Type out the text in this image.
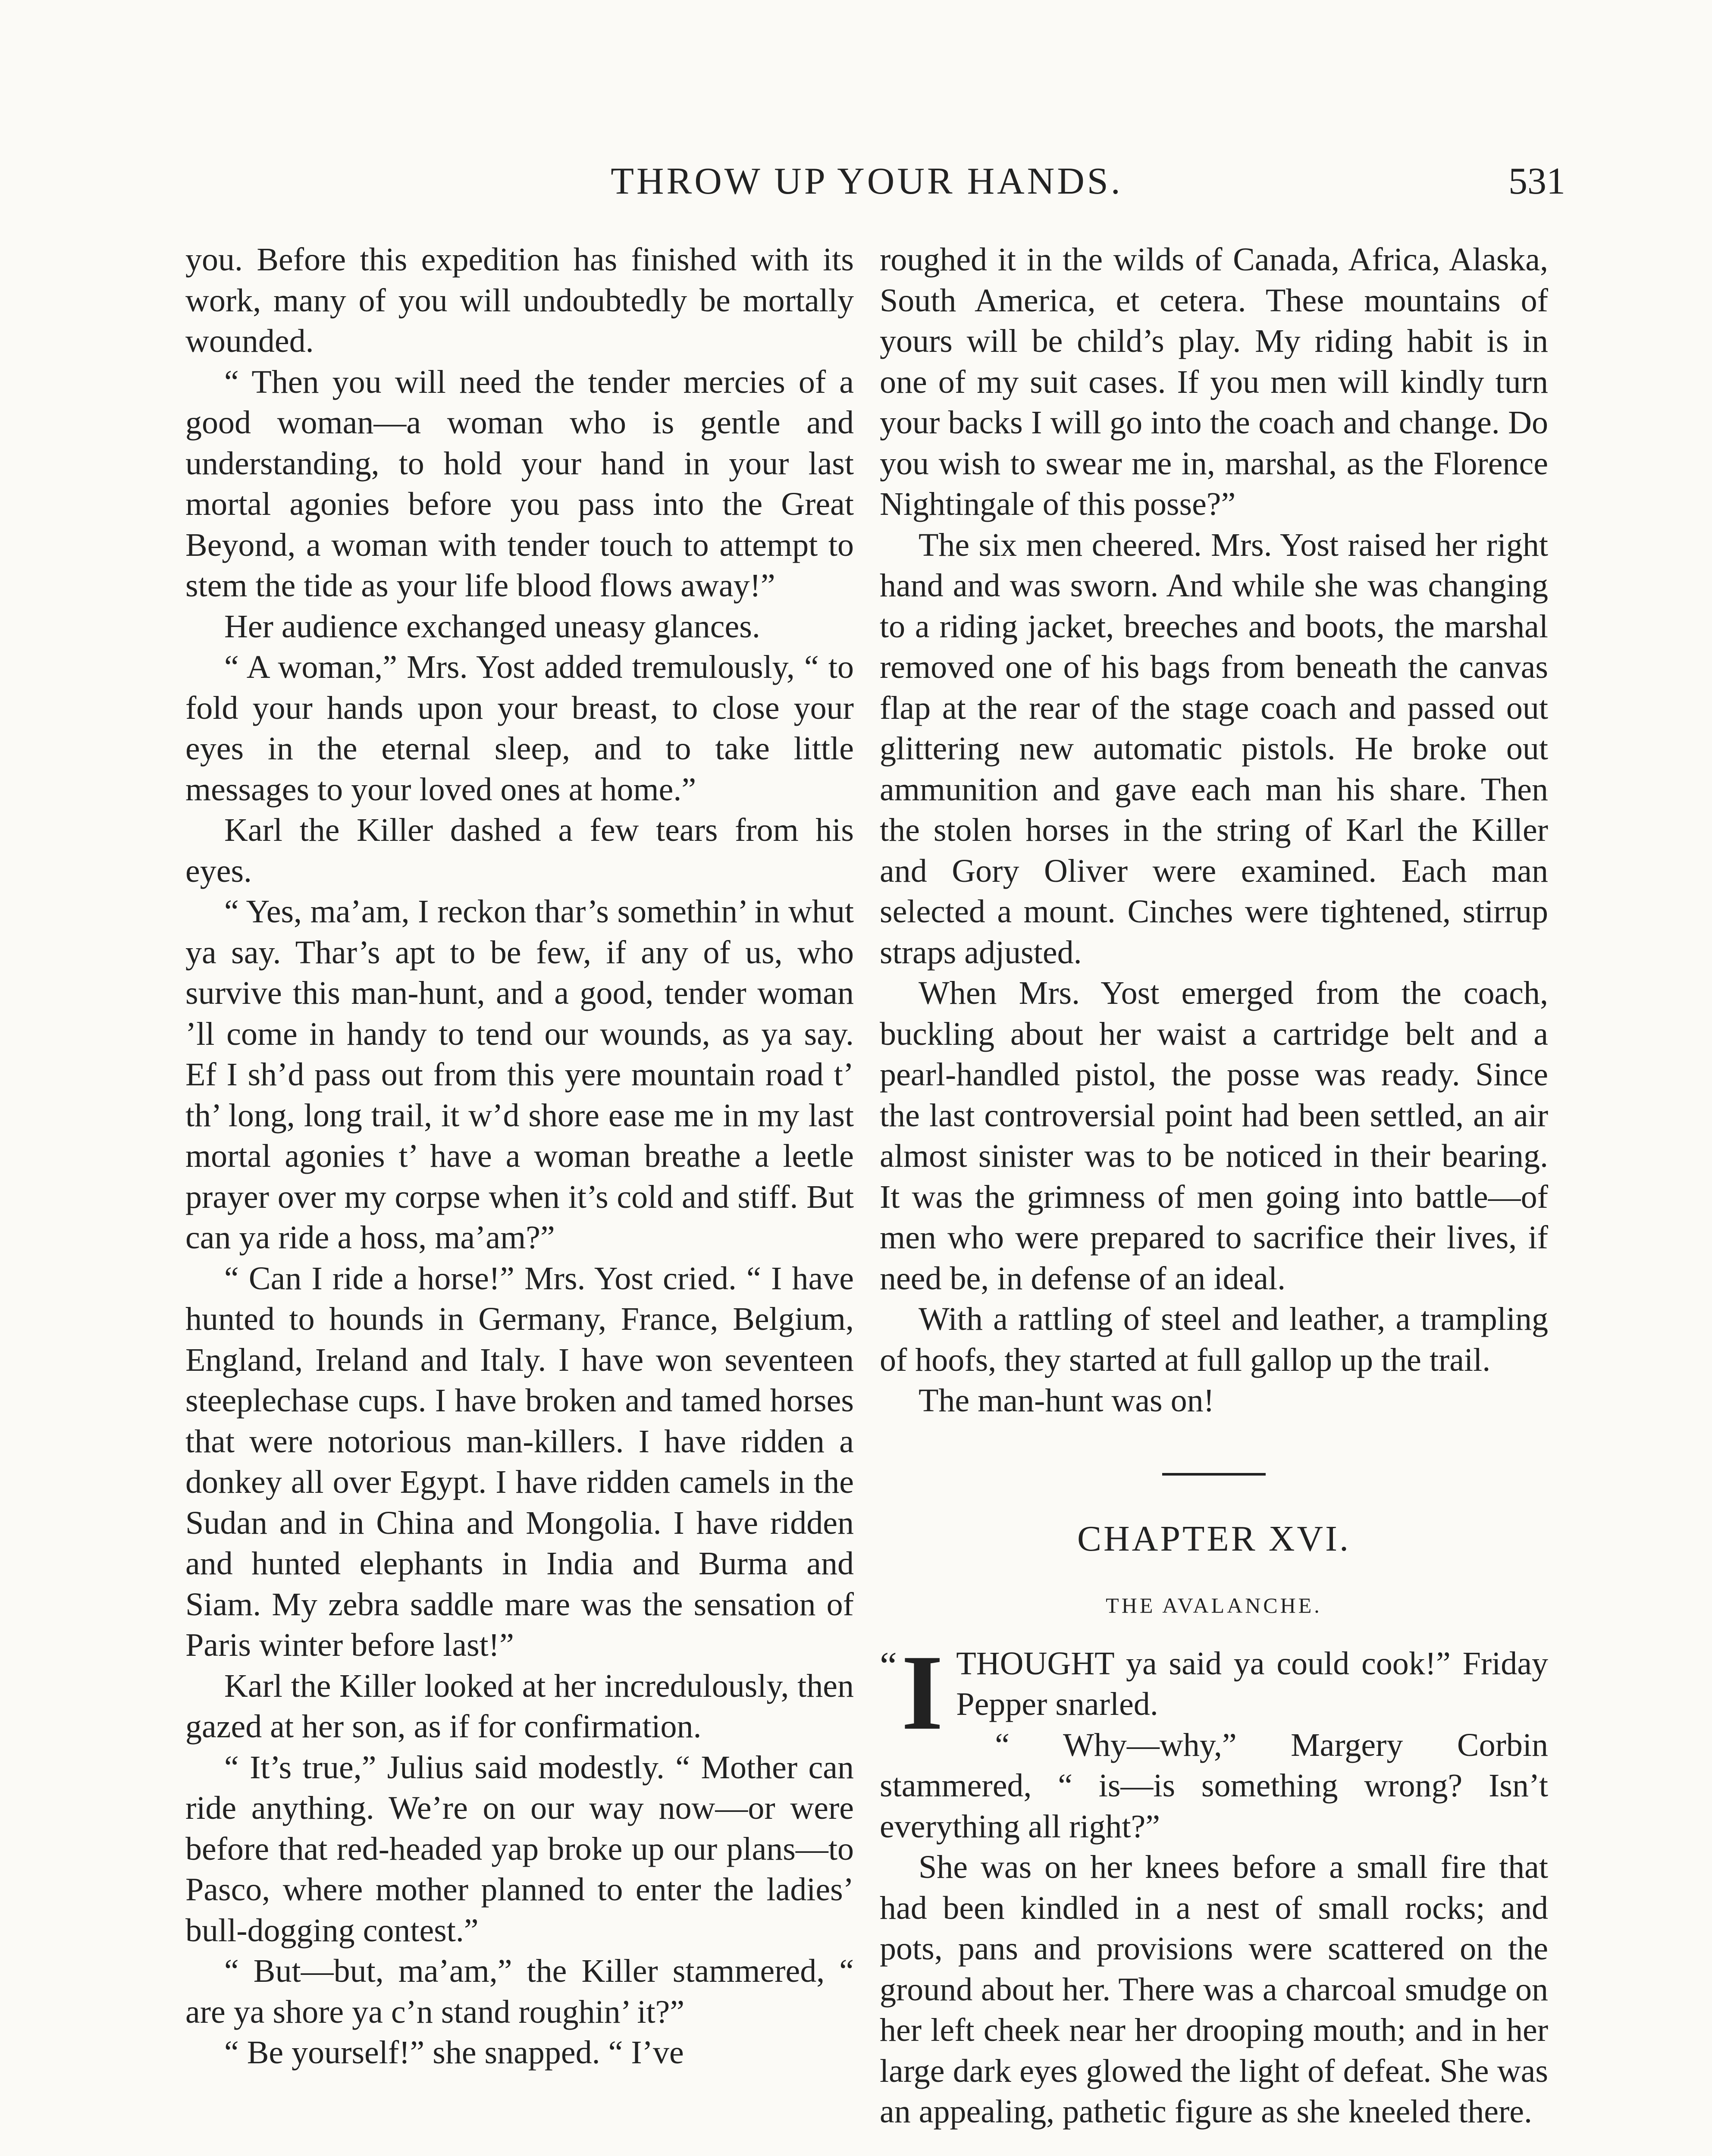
THROW UP YOUR HANDS.	531

you. Before this expedition has finished with its work, many of you will undoubtedly be mortally wounded.

“ Then you will need the tender mercies of a good woman—a woman who is gentle and understanding, to hold your hand in your last mortal agonies before you pass into the Great Beyond, a woman with tender touch to attempt to stem the tide as your life blood flows away!”

Her audience exchanged uneasy glances.

“ A woman,” Mrs. Yost added tremulously, “ to fold your hands upon your breast, to close your eyes in the eternal sleep, and to take little messages to your loved ones at home.”

Karl the Killer dashed a few tears from his eyes.

“ Yes, ma’am, I reckon thar’s somethin’ in whut ya say. Thar’s apt to be few, if any of us, who survive this man-hunt, and a good, tender woman ’ll come in handy to tend our wounds, as ya say. Ef I sh’d pass out from this yere mountain road t’ th’ long, long trail, it w’d shore ease me in my last mortal agonies t’ have a woman breathe a leetle prayer over my corpse when it’s cold and stiff. But can ya ride a hoss, ma’am?”

“ Can I ride a horse!” Mrs. Yost cried. “ I have hunted to hounds in Germany, France, Belgium, England, Ireland and Italy. I have won seventeen steeplechase cups. I have broken and tamed horses that were notorious man-killers. I have ridden a donkey all over Egypt. I have ridden camels in the Sudan and in China and Mongolia. I have ridden and hunted elephants in India and Burma and Siam. My zebra saddle mare was the sensation of Paris winter before last!”

Karl the Killer looked at her incredulously, then gazed at her son, as if for confirmation.

“ It’s true,” Julius said modestly. “ Mother can ride anything. We’re on our way now—or were before that red-headed yap broke up our plans—to Pasco, where mother planned to enter the ladies’ bull-dogging contest.”

“ But—but, ma’am,” the Killer stammered, “ are ya shore ya c’n stand roughin’ it?”

“ Be yourself!” she snapped. “ I’ve

roughed it in the wilds of Canada, Africa, Alaska, South America, et cetera. These mountains of yours will be child’s play. My riding habit is in one of my suit cases. If you men will kindly turn your backs I will go into the coach and change. Do you wish to swear me in, marshal, as the Florence Nightingale of this posse?”

The six men cheered. Mrs. Yost raised her right hand and was sworn. And while she was changing to a riding jacket, breeches and boots, the marshal removed one of his bags from beneath the canvas flap at the rear of the stage coach and passed out glittering new automatic pistols. He broke out ammunition and gave each man his share. Then the stolen horses in the string of Karl the Killer and Gory Oliver were examined. Each man selected a mount. Cinches were tightened, stirrup straps adjusted.

When Mrs. Yost emerged from the coach, buckling about her waist a cartridge belt and a pearl-handled pistol, the posse was ready. Since the last controversial point had been settled, an air almost sinister was to be noticed in their bearing. It was the grimness of men going into battle—of men who were prepared to sacrifice their lives, if need be, in defense of an ideal.

With a rattling of steel and leather, a trampling of hoofs, they started at full gallop up the trail.

The man-hunt was on!

CHAPTER XVI.
THE AVALANCHE.
“ I THOUGHT ya said ya could cook!” Friday Pepper snarled.

“ Why—why,” Margery Corbin stammered, “ is—is something wrong? Isn’t everything all right?”

She was on her knees before a small fire that had been kindled in a nest of small rocks; and pots, pans and provisions were scattered on the ground about her. There was a charcoal smudge on her left cheek near her drooping mouth; and in her large dark eyes glowed the light of defeat. She was an appealing, pathetic figure as she kneeled there.
